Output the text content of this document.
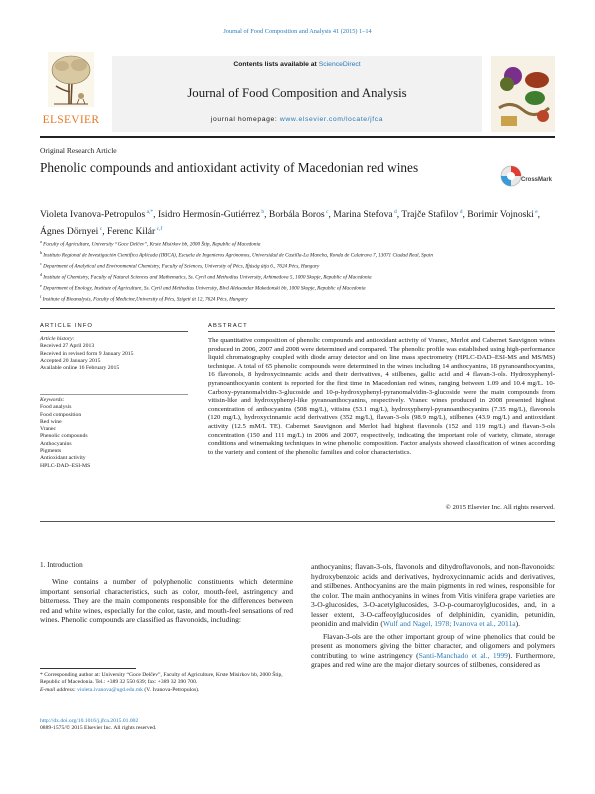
Journal of Food Composition and Analysis 41 (2015) 1–14
ELSEVIER
Contents lists available at ScienceDirect
Journal of Food Composition and Analysis
journal homepage: www.elsevier.com/locate/jfca
Original Research Article
Phenolic compounds and antioxidant activity of Macedonian red wines
CrossMark
Violeta Ivanova-Petropulos $^{a,*}$, Isidro Hermosín-Gutiérrez $^b$, Borbála Boros $^c$, Marina Stefova $^d$, Trajče Stafilov $^d$, Borimir Vojnoski $^e$, Ágnes Dörnyei $^c$, Ferenc Kilár $^{c,f}$
$^a$ Faculty of Agriculture, University “Goce Delčev”, Krste Misirkov bb, 2000 Štip, Republic of Macedonia
$^b$ Instituto Regional de Investigación Científica Aplicada (IRICA), Escuela de Ingenieros Agrónomos, Universidad de Castilla-La Mancha, Ronda de Calatrava 7, 13071 Ciudad Real, Spain
$^c$ Department of Analytical and Environmental Chemistry, Faculty of Sciences, University of Pécs, Ifjúság útja 6., 7624 Pécs, Hungary
$^d$ Institute of Chemistry, Faculty of Natural Sciences and Mathematics, Ss. Cyril and Methodius University, Arhimedova 5, 1000 Skopje, Republic of Macedonia
$^e$ Department of Enology, Institute of Agriculture, Ss. Cyril and Methodius University, Blvd Aleksandar Makedonski bb, 1000 Skopje, Republic of Macedonia
$^f$ Institute of Bioanalysis, Faculty of Medicine,University of Pécs, Szigeti út 12, 7624 Pécs, Hungary
ARTICLE INFO
Article history:
Received 27 April 2013
Received in revised form 9 January 2015
Accepted 20 January 2015
Available online 16 February 2015
Keywords:
Food analysis
Food composition
Red wine
Vranec
Phenolic compounds
Anthocyanins
Pigments
Antioxidant activity
HPLC-DAD–ESI-MS
ABSTRACT
The quantitative composition of phenolic compounds and antioxidant activity of Vranec, Merlot and Cabernet Sauvignon wines produced in 2006, 2007 and 2008 were determined and compared. The phenolic profile was established using high-performance liquid chromatography coupled with diode array detector and on line mass spectrometry (HPLC-DAD–ESI-MS and MS/MS) technique. A total of 65 phenolic compounds were determined in the wines including 14 anthocyanins, 18 pyranoanthocyanins, 16 flavonols, 8 hydroxycinnamic acids and their derivatives, 4 stilbenes, gallic acid and 4 flavan-3-ols. Hydroxyphenyl-pyranoanthocyanin content is reported for the first time in Macedonian red wines, ranging between 1.09 and 10.4 mg/L. 10-Carboxy-pyranomalvidin-3-glucoside and 10-p-hydroxyphenyl-pyranomalvidin-3-glucoside were the main compounds from vitisin-like and hydroxyphenyl-like pyranoanthocyanins, respectively. Vranec wines produced in 2008 presented highest concentration of anthocyanins (508 mg/L), vitisins (53.1 mg/L), hydroxyphenyl-pyranoanthocyanins (7.35 mg/L), flavonols (120 mg/L), hydroxycinnamic acid derivatives (352 mg/L), flavan-3-ols (98.9 mg/L), stilbenes (43.9 mg/L) and antioxidant activity (12.5 mM/L TE). Cabernet Sauvignon and Merlot had highest flavonols (152 and 119 mg/L) and flavan-3-ols concentration (150 and 111 mg/L) in 2006 and 2007, respectively, indicating the important role of variety, climate, storage conditions and winemaking techniques in wine phenolic composition. Factor analysis showed classification of wines according to the variety and content of the phenolic families and color characteristics.
© 2015 Elsevier Inc. All rights reserved.
1. Introduction
Wine contains a number of polyphenolic constituents which determine important sensorial characteristics, such as color, mouth-feel, astringency and bitterness. They are the main components responsible for the differences between red and white wines, especially for the color, taste, and mouth-feel sensations of red wines. Phenolic compounds are classified as flavonoids, including:

anthocyanins; flavan-3-ols, flavonols and dihydroflavonols, and non-flavonoids: hydroxybenzoic acids and derivatives, hydroxycinnamic acids and derivatives, and stilbenes. Anthocyanins are the main pigments in red wines, responsible for the color. The main anthocyanins in wines from Vitis vinifera grape varieties are 3-O-glucosides, 3-O-acetylglucosides, 3-O-p-coumaroylglucosides, and, in a lesser extent, 3-O-caffeoylglucosides of delphinidin, cyanidin, petunidin, peonidin and malvidin (Wulf and Nagel, 1978; Ivanova et al., 2011a).

Flavan-3-ols are the other important group of wine phenolics that could be present as monomers giving the bitter character, and oligomers and polymers contributing to wine astringency (Santi-Manchado et al., 1999). Furthermore, grapes and red wine are the major dietary sources of stilbenes, considered as

* Corresponding author at: University “Goce Delčev”, Faculty of Agriculture, Krste Misirkov bb, 2000 Štip, Republic of Macedonia. Tel.: +389 32 550 639; fax: +389 32 390 700.
E-mail address: violeta.ivanova@ugd.edu.mk (V. Ivanova-Petropulos).
http://dx.doi.org/10.1016/j.jfca.2015.01.002
0889-1575/© 2015 Elsevier Inc. All rights reserved.
